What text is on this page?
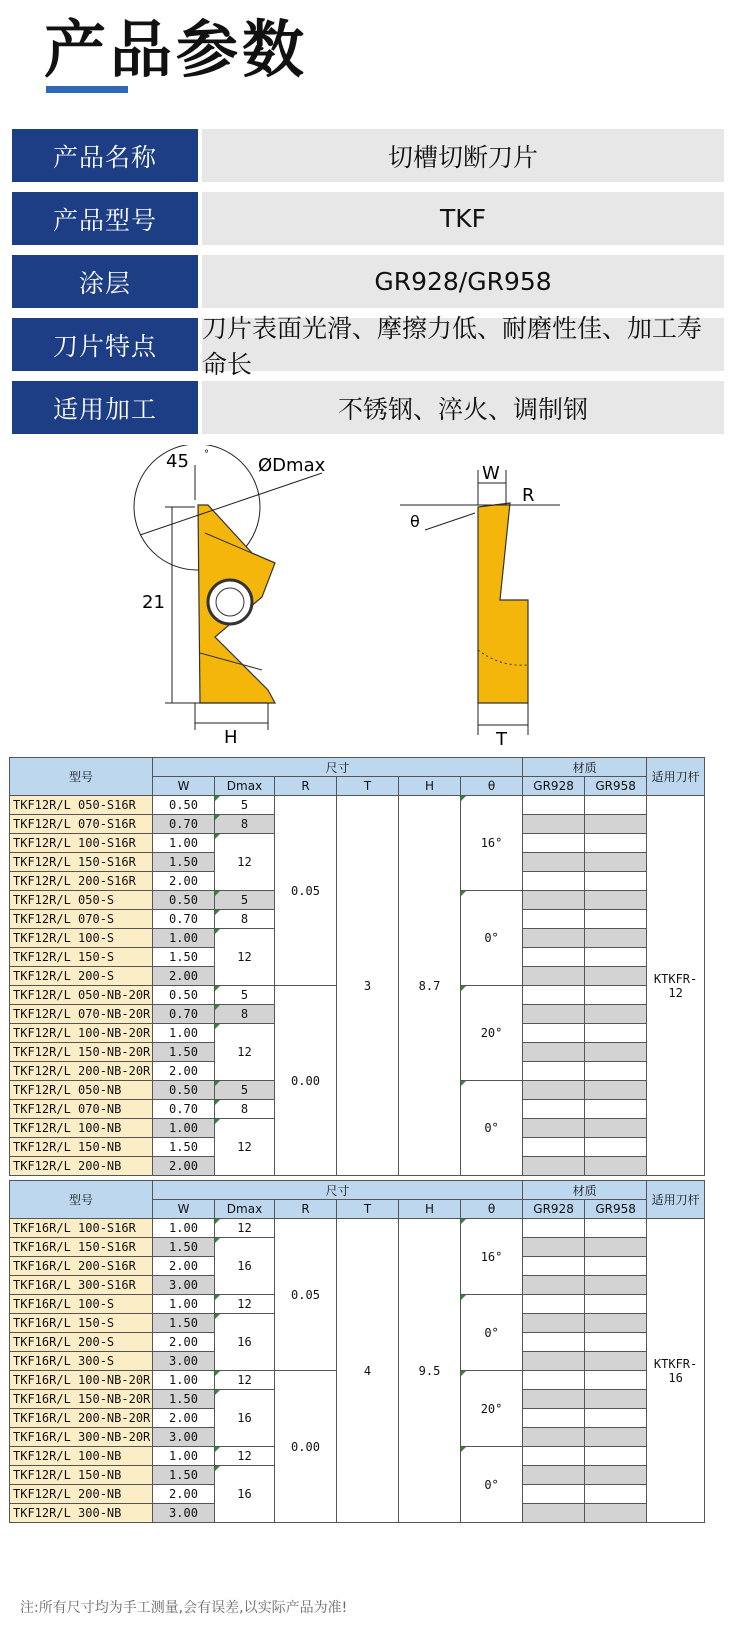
产品参数
产品名称	切槽切断刀片
产品型号	TKF
涂层	GR928/GR958
刀片特点
刀片表面光滑、摩擦力低、耐磨性佳、加工寿命长
适用加工	不锈钢、淬火、调制钢
45 °
ØDmax
21
H
W
R
θ
T
型号	尺寸						材质		适用刀杆
	W	Dmax	R	T	H	θ	GR928	GR958	
TKF12R/L 050-S16R	0.50	5	0.05	3	8.7	16°			KTKFR-12
TKF12R/L 070-S16R	0.70	8							
TKF12R/L 100-S16R	1.00	12							
TKF12R/L 150-S16R	1.50								
TKF12R/L 200-S16R	2.00								
TKF12R/L 050-S	0.50	5				0°			
TKF12R/L 070-S	0.70	8							
TKF12R/L 100-S	1.00	12							
TKF12R/L 150-S	1.50								
TKF12R/L 200-S	2.00								
TKF12R/L 050-NB-20R	0.50	5	0.00			20°			
TKF12R/L 070-NB-20R	0.70	8							
TKF12R/L 100-NB-20R	1.00	12							
TKF12R/L 150-NB-20R	1.50								
TKF12R/L 200-NB-20R	2.00								
TKF12R/L 050-NB	0.50	5				0°			
TKF12R/L 070-NB	0.70	8							
TKF12R/L 100-NB	1.00	12							
TKF12R/L 150-NB	1.50								
TKF12R/L 200-NB	2.00								
型号	尺寸						材质		适用刀杆
	W	Dmax	R	T	H	θ	GR928	GR958	
TKF16R/L 100-S16R	1.00	12	0.05	4	9.5	16°			KTKFR-16
TKF16R/L 150-S16R	1.50	16							
TKF16R/L 200-S16R	2.00								
TKF16R/L 300-S16R	3.00								
TKF16R/L 100-S	1.00	12				0°			
TKF16R/L 150-S	1.50	16							
TKF16R/L 200-S	2.00								
TKF16R/L 300-S	3.00								
TKF16R/L 100-NB-20R	1.00	12	0.00			20°			
TKF16R/L 150-NB-20R	1.50	16							
TKF16R/L 200-NB-20R	2.00								
TKF16R/L 300-NB-20R	3.00								
TKF12R/L 100-NB	1.00	12				0°			
TKF12R/L 150-NB	1.50	16							
TKF12R/L 200-NB	2.00								
TKF12R/L 300-NB	3.00								
注:所有尺寸均为手工测量,会有误差,以实际产品为准!
